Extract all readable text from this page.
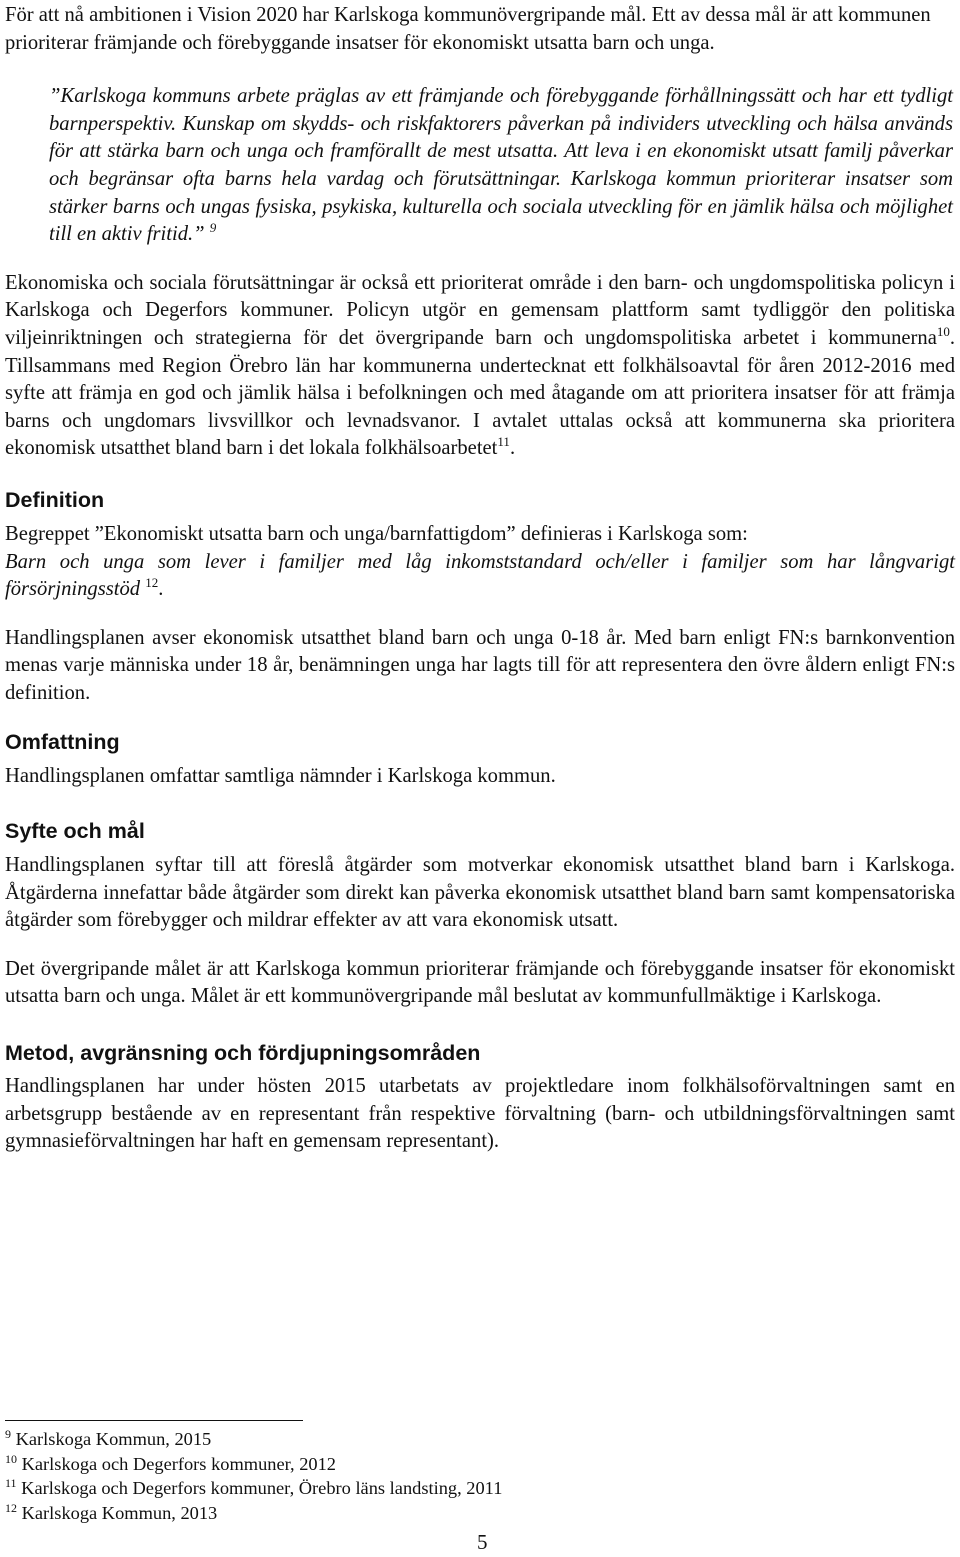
För att nå ambitionen i Vision 2020 har Karlskoga kommunövergripande mål. Ett av dessa mål är att kommunen prioriterar främjande och förebyggande insatser för ekonomiskt utsatta barn och unga.

”Karlskoga kommuns arbete präglas av ett främjande och förebyggande förhållningssätt och har ett tydligt barnperspektiv. Kunskap om skydds- och riskfaktorers påverkan på individers utveckling och hälsa används för att stärka barn och unga och framförallt de mest utsatta. Att leva i en ekonomiskt utsatt familj påverkar och begränsar ofta barns hela vardag och förutsättningar. Karlskoga kommun prioriterar insatser som stärker barns och ungas fysiska, psykiska, kulturella och sociala utveckling för en jämlik hälsa och möjlighet till en aktiv fritid.” $^9$

Ekonomiska och sociala förutsättningar är också ett prioriterat område i den barn- och ungdomspolitiska policyn i Karlskoga och Degerfors kommuner. Policyn utgör en gemensam plattform samt tydliggör den politiska viljeinriktningen och strategierna för det övergripande barn och ungdomspolitiska arbetet i kommunerna$^{10}$. Tillsammans med Region Örebro län har kommunerna undertecknat ett folkhälsoavtal för åren 2012-2016 med syfte att främja en god och jämlik hälsa i befolkningen och med åtagande om att prioritera insatser för att främja barns och ungdomars livsvillkor och levnadsvanor. I avtalet uttalas också att kommunerna ska prioritera ekonomisk utsatthet bland barn i det lokala folkhälsoarbetet$^{11}$.

Definition

Begreppet ”Ekonomiskt utsatta barn och unga/barnfattigdom” definieras i Karlskoga som:
Barn och unga som lever i familjer med låg inkomststandard och/eller i familjer som har långvarigt försörjningsstöd $^{12}$.

Handlingsplanen avser ekonomisk utsatthet bland barn och unga 0-18 år. Med barn enligt FN:s barnkonvention menas varje människa under 18 år, benämningen unga har lagts till för att representera den övre åldern enligt FN:s definition.

Omfattning

Handlingsplanen omfattar samtliga nämnder i Karlskoga kommun.

Syfte och mål

Handlingsplanen syftar till att föreslå åtgärder som motverkar ekonomisk utsatthet bland barn i Karlskoga. Åtgärderna innefattar både åtgärder som direkt kan påverka ekonomisk utsatthet bland barn samt kompensatoriska åtgärder som förebygger och mildrar effekter av att vara ekonomisk utsatt.

Det övergripande målet är att Karlskoga kommun prioriterar främjande och förebyggande insatser för ekonomiskt utsatta barn och unga. Målet är ett kommunövergripande mål beslutat av kommunfullmäktige i Karlskoga.

Metod, avgränsning och fördjupningsområden

Handlingsplanen har under hösten 2015 utarbetats av projektledare inom folkhälsoförvaltningen samt en arbetsgrupp bestående av en representant från respektive förvaltning (barn- och utbildningsförvaltningen samt gymnasieförvaltningen har haft en gemensam representant).

$^9$ Karlskoga Kommun, 2015
$^{10}$ Karlskoga och Degerfors kommuner, 2012
$^{11}$ Karlskoga och Degerfors kommuner, Örebro läns landsting, 2011
$^{12}$ Karlskoga Kommun, 2013
5
